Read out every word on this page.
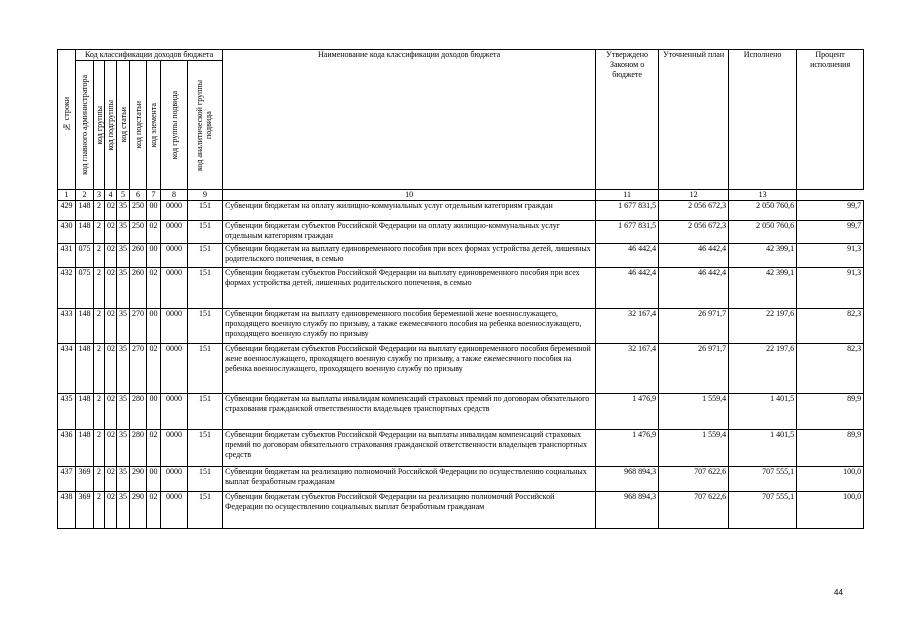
№ строки	Код классификации доходов бюджета								Наименование кода классификации доходов бюджета	Утверждено Законом о бюджете	Уточненный план	Исполнено	Процент исполнения

	код главного администратора	код группы	код подгруппы	код статьи	код подстатьи	код элемента	код группы подвида	код аналитической группы подвида					

1	2	3	4	5	6	7	8	9	10	11	12	13	
429	148	2	02	35	250	00	0000	151	Субвенции бюджетам на оплату жилищно-коммунальных услуг отдельным категориям граждан	1 677 831,5	2 056 672,3	2 050 760,6	99,7
430	148	2	02	35	250	02	0000	151	Субвенции бюджетам субъектов Российской Федерации на оплату жилищно-коммунальных услуг отдельным категориям граждан	1 677 831,5	2 056 672,3	2 050 760,6	99,7
431	075	2	02	35	260	00	0000	151	Субвенции бюджетам на выплату единовременного пособия при всех формах устройства детей, лишенных родительского попечения, в семью	46 442,4	46 442,4	42 399,1	91,3
432	075	2	02	35	260	02	0000	151	Субвенции бюджетам субъектов Российской Федерации на выплату единовременного пособия при всех формах устройства детей, лишенных родительского попечения, в семью	46 442,4	46 442,4	42 399,1	91,3
433	148	2	02	35	270	00	0000	151	Субвенции бюджетам на выплату единовременного пособия беременной жене военнослужащего, проходящего военную службу по призыву, а также ежемесячного пособия на ребенка военнослужащего, проходящего военную службу по призыву	32 167,4	26 971,7	22 197,6	82,3
434	148	2	02	35	270	02	0000	151	Субвенции бюджетам субъектов Российской Федерации на выплату единовременного пособия беременной жене военнослужащего, проходящего военную службу по призыву, а также ежемесячного пособия на ребенка военнослужащего, проходящего военную службу по призыву	32 167,4	26 971,7	22 197,6	82,3
435	148	2	02	35	280	00	0000	151	Субвенции бюджетам на выплаты инвалидам компенсаций страховых премий по договорам обязательного страхования гражданской ответственности владельцев транспортных средств	1 476,9	1 559,4	1 401,5	89,9
436	148	2	02	35	280	02	0000	151	Субвенции бюджетам субъектов Российской Федерации на выплаты инвалидам компенсаций страховых премий по договорам обязательного страхования гражданской ответственности владельцев транспортных средств	1 476,9	1 559,4	1 401,5	89,9
437	369	2	02	35	290	00	0000	151	Субвенции бюджетам на реализацию полномочий Российской Федерации по осуществлению социальных выплат безработным гражданам	968 894,3	707 622,6	707 555,1	100,0
438	369	2	02	35	290	02	0000	151	Субвенции бюджетам субъектов Российской Федерации на реализацию полномочий Российской Федерации по осуществлению социальных выплат безработным гражданам	968 894,3	707 622,6	707 555,1	100,0
44
